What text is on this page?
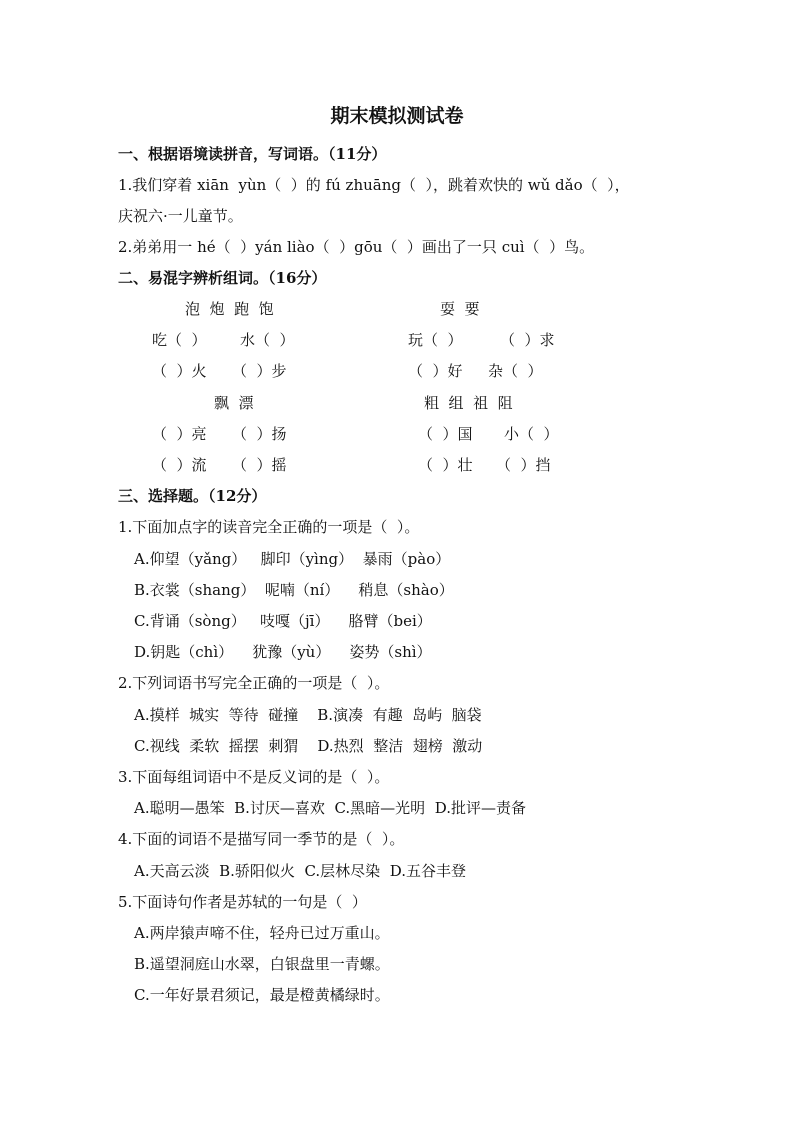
期末模拟测试卷
一、根据语境读拼音，写词语。（11分）
1.我们穿着 xiān  yùn（  ）的 fú zhuāng（  ），跳着欢快的 wǔ dǎo（  ），
庆祝六·一儿童节。
2.弟弟用一 hé（  ）yán liào（  ）gōu（  ）画出了一只 cuì（  ）鸟。
二、易混字辨析组词。（16分）
泡  炮  跑  饱	耍  要
吃（  ） 水（  ）	玩（  ） （  ）求
（  ）火 （  ）步	（  ）好 杂（  ）
飘  漂	粗  组  祖  阻
（  ）亮 （  ）扬	（  ）国 小（  ）
（  ）流 （  ）摇	（  ）壮 （  ）挡
三、选择题。（12分）
1.下面加点字的读音完全正确的一项是（  ）。
A.仰望（yǎng）   脚印（yìng）  暴雨（pào）
B.衣裳（shang）  呢喃（ní）    稍息（shào）
C.背诵（sòng）   吱嘎（jī）    胳臂（bei）
D.钥匙（chì）    犹豫（yù）    姿势（shì）
2.下列词语书写完全正确的一项是（  ）。
A.摸样  城实  等待  碰撞    B.演凑  有趣  岛屿  脑袋
C.视线  柔软  摇摆  刺猬    D.热烈  整洁  翅榜  激动
3.下面每组词语中不是反义词的是（  ）。
A.聪明—愚笨  B.讨厌—喜欢  C.黑暗—光明  D.批评—责备
4.下面的词语不是描写同一季节的是（  ）。
A.天高云淡  B.骄阳似火  C.层林尽染  D.五谷丰登
5.下面诗句作者是苏轼的一句是（  ）
A.两岸猿声啼不住，轻舟已过万重山。
B.遥望洞庭山水翠，白银盘里一青螺。
C.一年好景君须记，最是橙黄橘绿时。
